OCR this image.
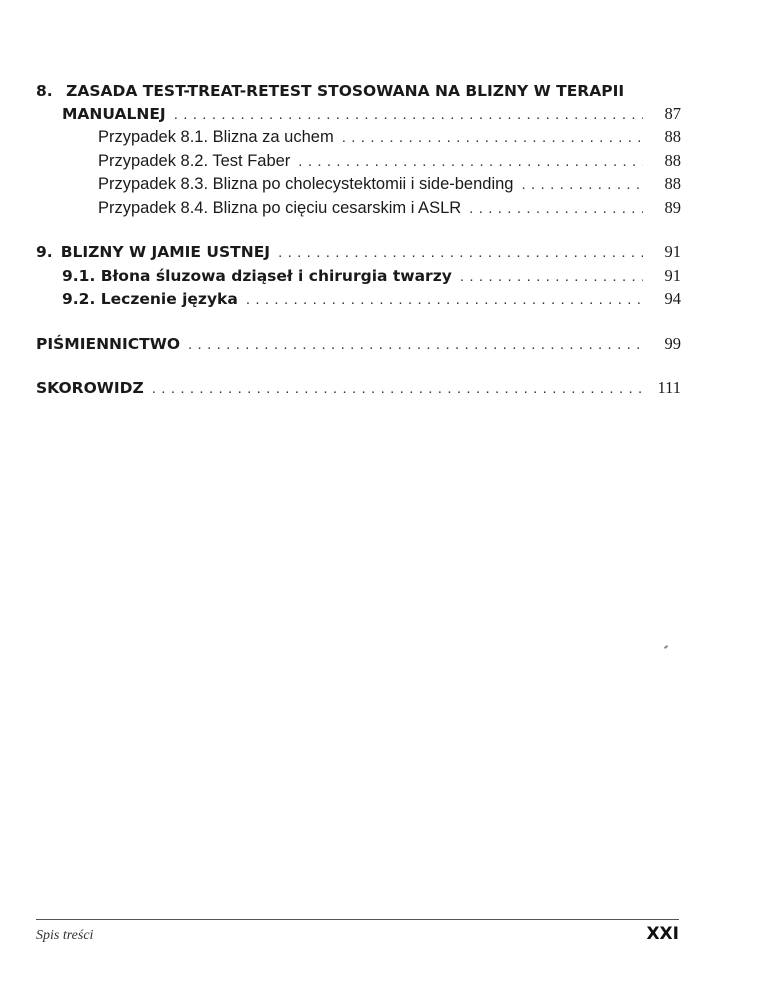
8. ZASADA TEST-TREAT-RETEST STOSOWANA NA BLIZNY W TERAPII
MANUALNEJ . . .	87
Przypadek 8.1. Blizna za uchem . . .	88
Przypadek 8.2. Test Faber . . .	88
Przypadek 8.3. Blizna po cholecystektomii i side-bending . . .	88
Przypadek 8.4. Blizna po cięciu cesarskim i ASLR . . .	89
9. BLIZNY W JAMIE USTNEJ . . .	91
9.1. Błona śluzowa dziąseł i chirurgia twarzy . . .	91
9.2. Leczenie języka . . .	94
PIŚMIENNICTWO . . .	99
SKOROWIDZ . . .	111
Spis treści	XXI
